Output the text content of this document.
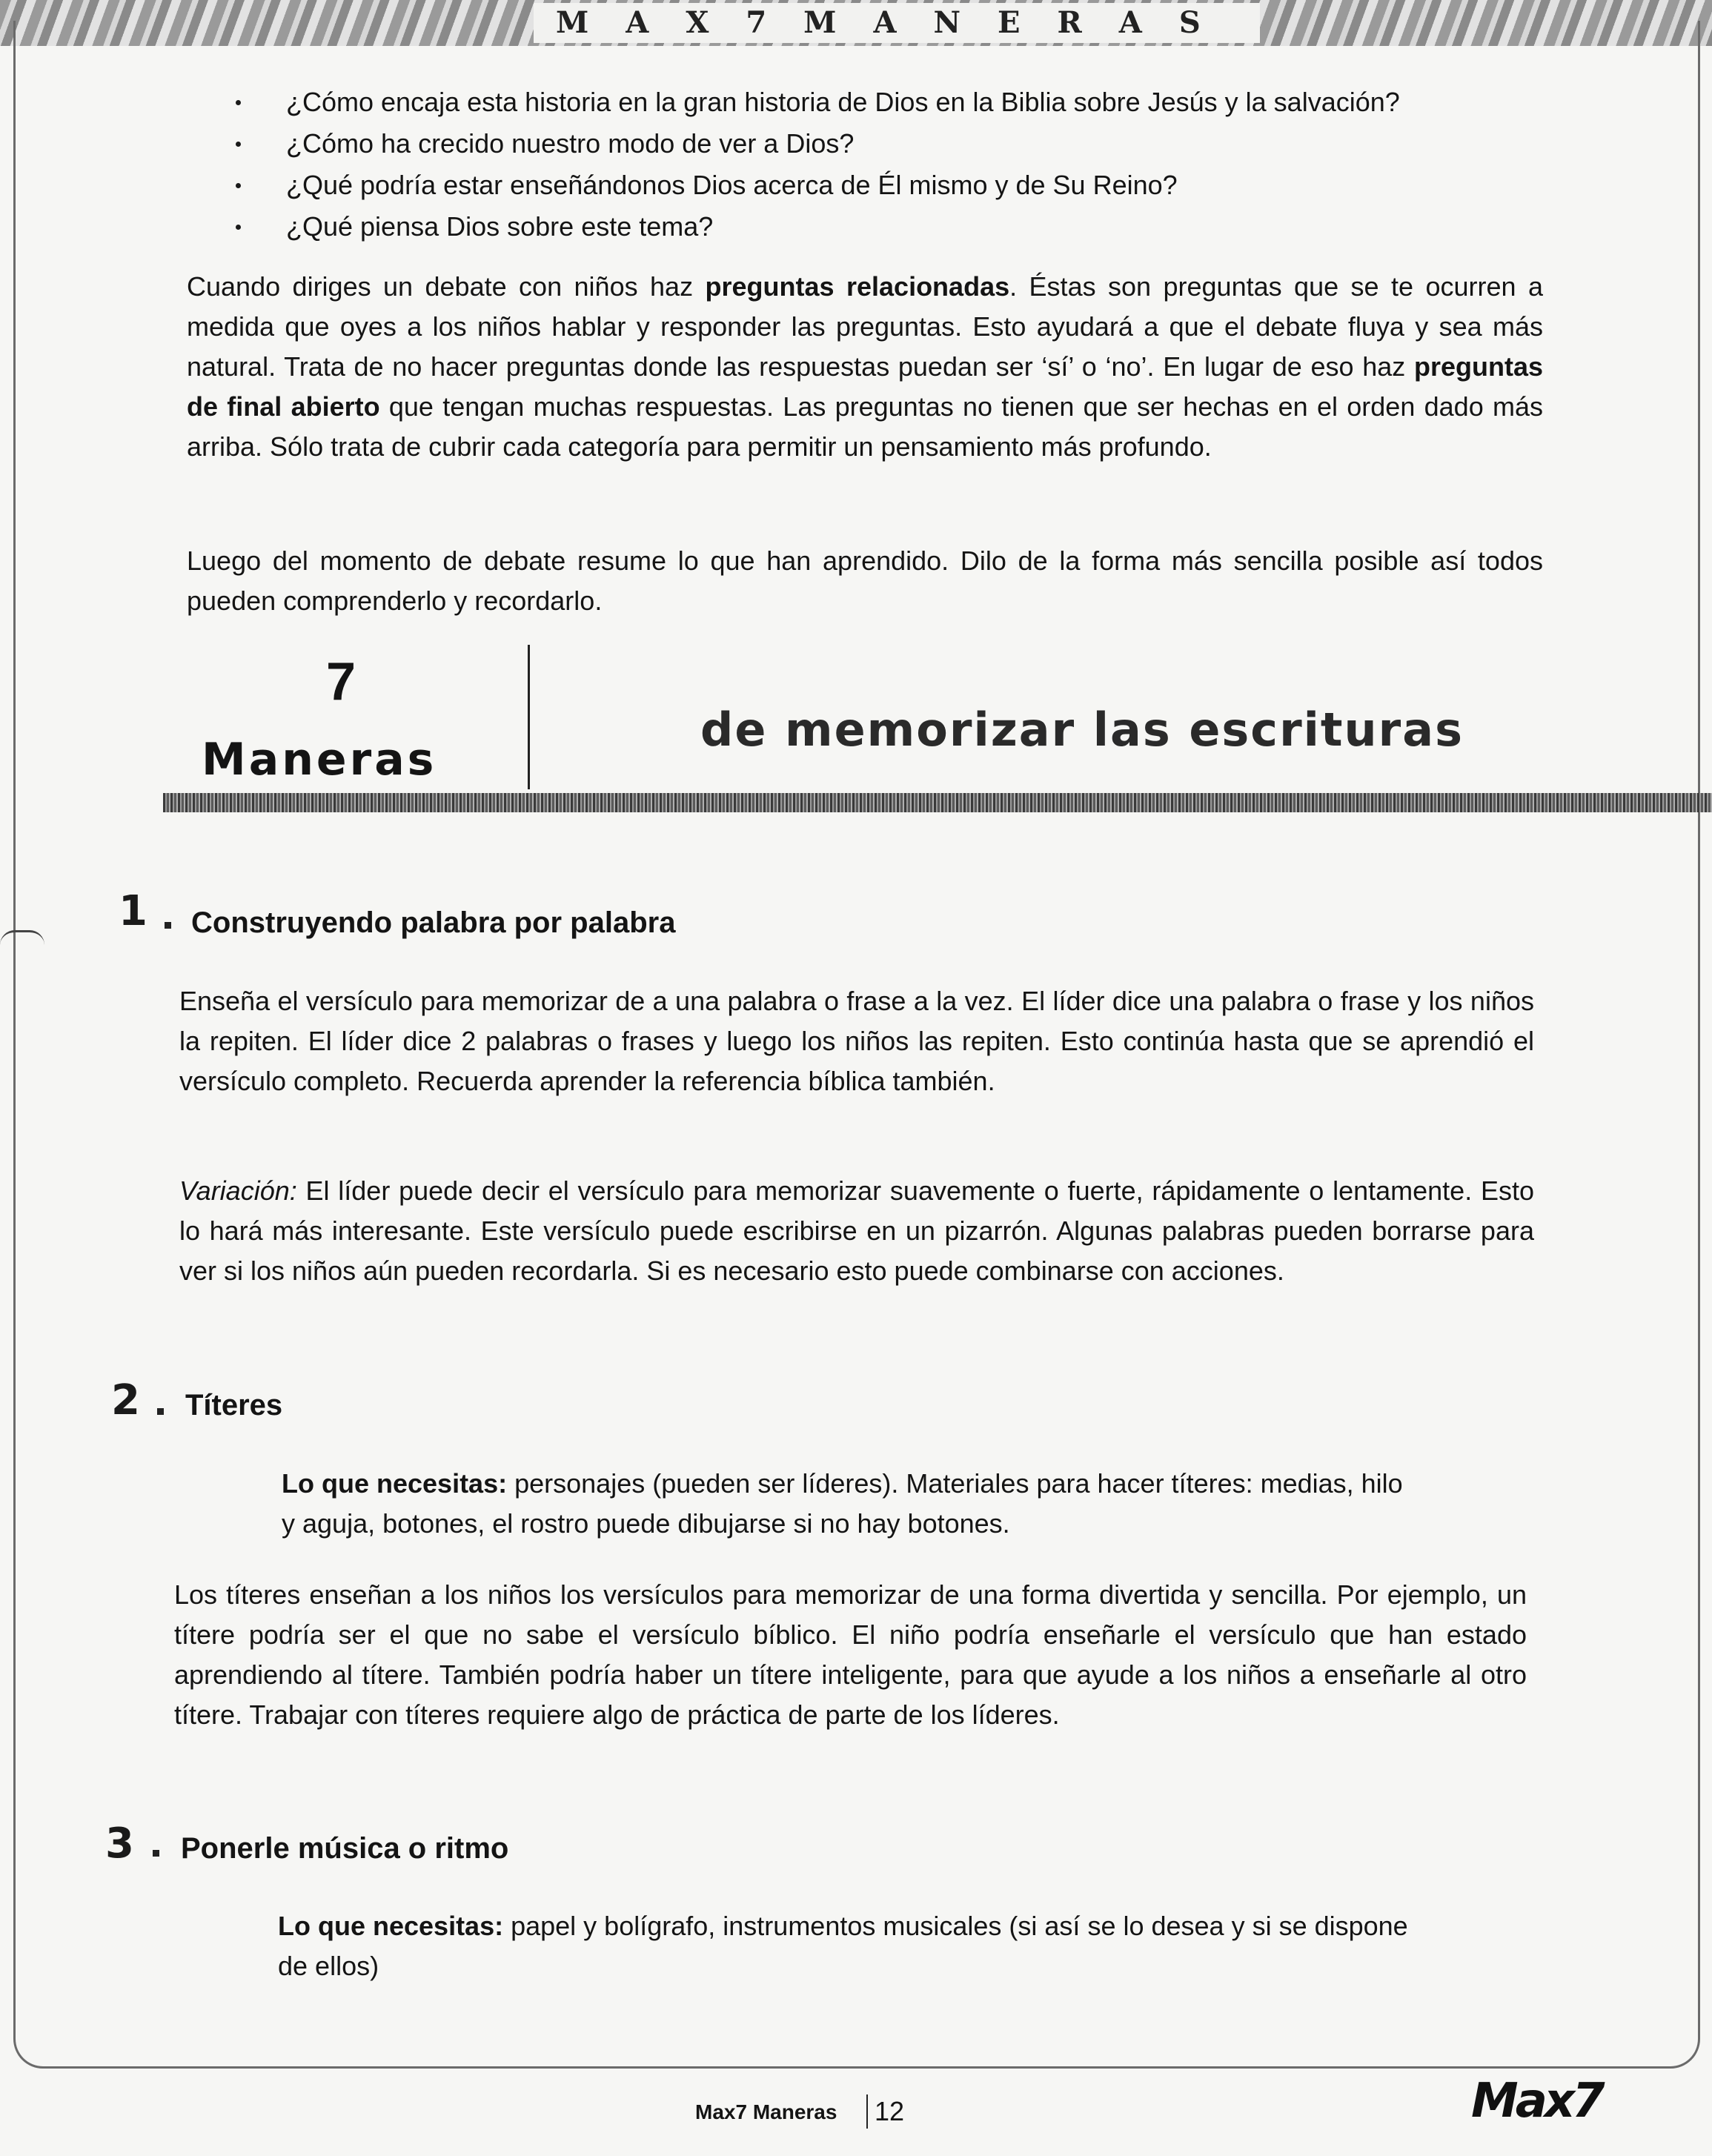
MAX7MANERAS
¿Cómo encaja esta historia en la gran historia de Dios en la Biblia sobre Jesús y la salvación?
¿Cómo ha crecido nuestro modo de ver a Dios?
¿Qué podría estar enseñándonos Dios acerca de Él mismo y de Su Reino?
¿Qué piensa Dios sobre este tema?

Cuando diriges un debate con niños haz preguntas relacionadas. Éstas son preguntas que se te ocurren a medida que oyes a los niños hablar y responder las preguntas. Esto ayudará a que el debate fluya y sea más natural. Trata de no hacer preguntas donde las respuestas puedan ser ‘sí’ o ‘no’. En lugar de eso haz preguntas de final abierto que tengan muchas respuestas. Las preguntas no tienen que ser hechas en el orden dado más arriba. Sólo trata de cubrir cada categoría para permitir un pensamiento más profundo.

Luego del momento de debate resume lo que han aprendido. Dilo de la forma más sencilla posible así todos pueden comprenderlo y recordarlo.

7
Maneras
de memorizar las escrituras
1 Construyendo palabra por palabra

Enseña el versículo para memorizar de a una palabra o frase a la vez. El líder dice una palabra o frase y los niños la repiten. El líder dice 2 palabras o frases y luego los niños las repiten. Esto continúa hasta que se aprendió el versículo completo. Recuerda aprender la referencia bíblica también.

Variación: El líder puede decir el versículo para memorizar suavemente o fuerte, rápidamente o lentamente. Esto lo hará más interesante. Este versículo puede escribirse en un pizarrón. Algunas palabras pueden borrarse para ver si los niños aún pueden recordarla. Si es necesario esto puede combinarse con acciones.

2 Títeres

Lo que necesitas: personajes (pueden ser líderes). Materiales para hacer títeres: medias, hilo y aguja, botones, el rostro puede dibujarse si no hay botones.

Los títeres enseñan a los niños los versículos para memorizar de una forma divertida y sencilla. Por ejemplo, un títere podría ser el que no sabe el versículo bíblico. El niño podría enseñarle el versículo que han estado aprendiendo al títere. También podría haber un títere inteligente, para que ayude a los niños a enseñarle al otro títere. Trabajar con títeres requiere algo de práctica de parte de los líderes.

3 Ponerle música o ritmo

Lo que necesitas: papel y bolígrafo, instrumentos musicales (si así se lo desea y si se dispone de ellos)

Max7 Maneras 12	Max7
